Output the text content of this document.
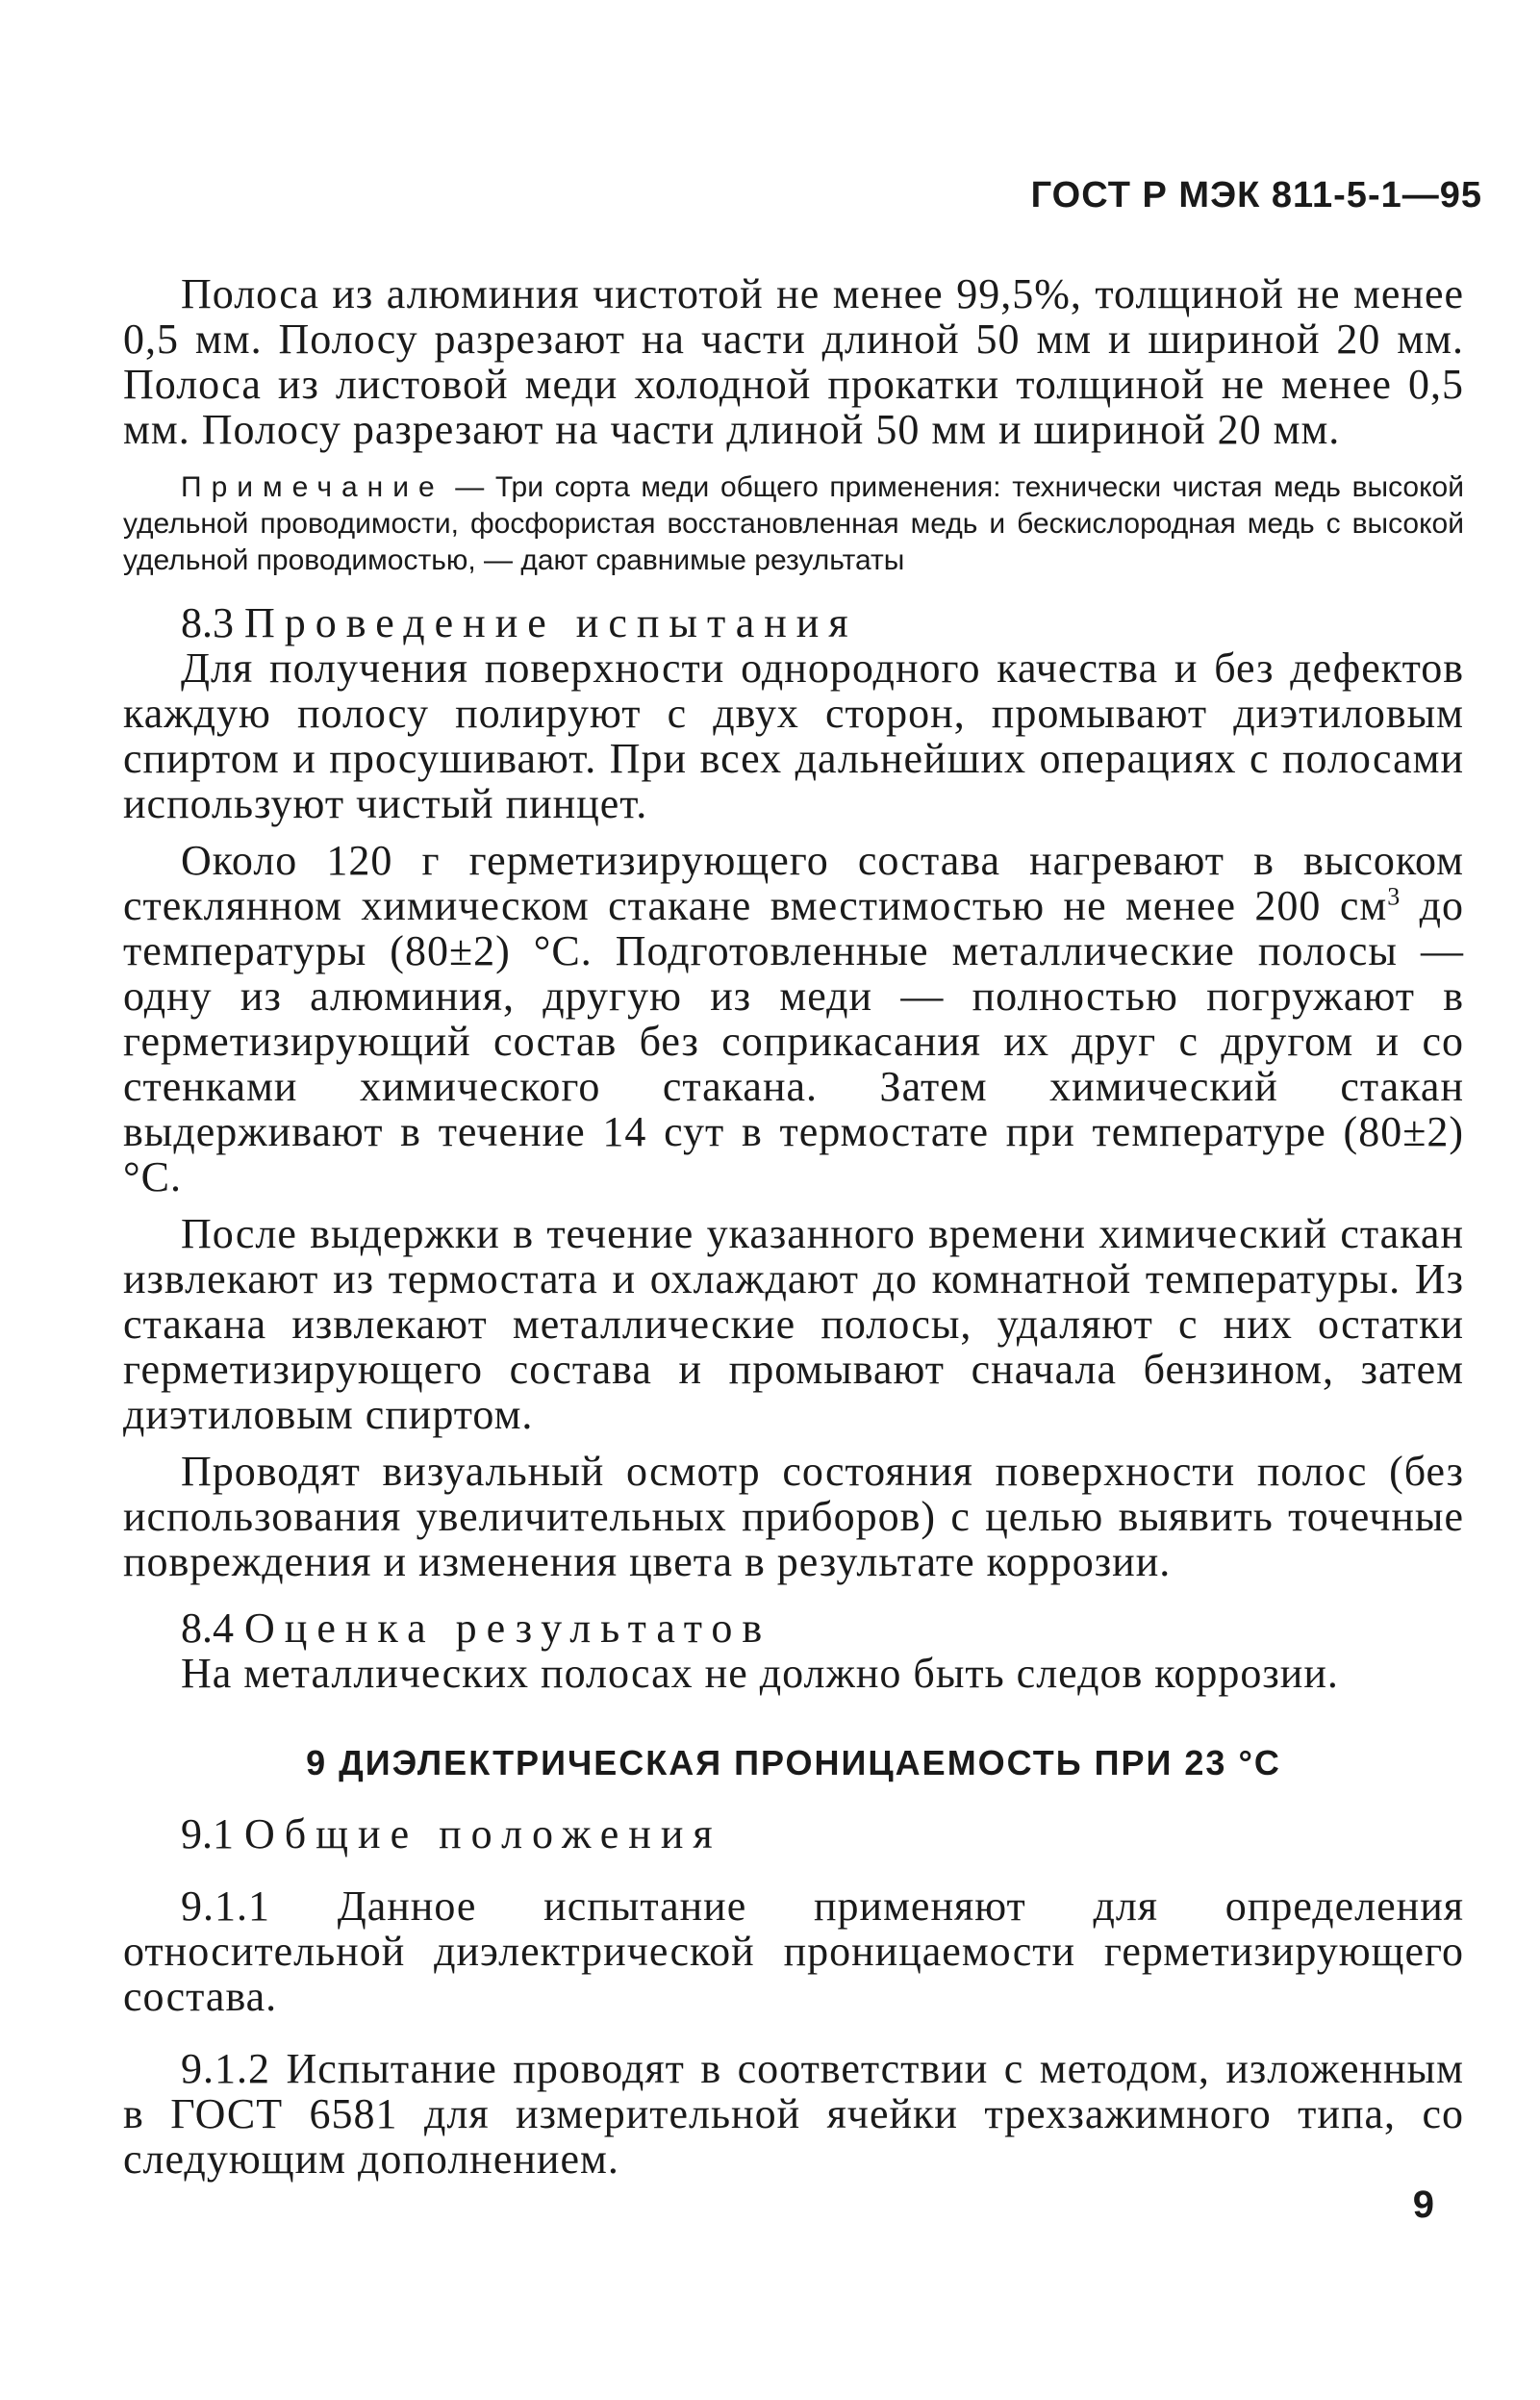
ГОСТ Р МЭК 811-5-1—95

Полоса из алюминия чистотой не менее 99,5%, толщиной не менее 0,5 мм. Полосу разрезают на части длиной 50 мм и шириной 20 мм. Полоса из листовой меди холодной прокатки толщиной не менее 0,5 мм. Полосу разрезают на части длиной 50 мм и шириной 20 мм.

Примечание — Три сорта меди общего применения: технически чистая медь высокой удельной проводимости, фосфористая восстановленная медь и бескислородная медь с высокой удельной проводимостью, — дают сравнимые результаты

8.3 Проведение испытания

Для получения поверхности однородного качества и без дефектов каждую полосу полируют с двух сторон, промывают диэтиловым спиртом и просушивают. При всех дальнейших операциях с полосами используют чистый пинцет.

Около 120 г герметизирующего состава нагревают в высоком стеклянном химическом стакане вместимостью не менее 200 $см^3$ до температуры (80±2) °С. Подготовленные металлические полосы — одну из алюминия, другую из меди — полностью погружают в герметизирующий состав без соприкасания их друг с другом и со стенками химического стакана. Затем химический стакан выдерживают в течение 14 сут в термостате при температуре (80±2) °С.

После выдержки в течение указанного времени химический стакан извлекают из термостата и охлаждают до комнатной температуры. Из стакана извлекают металлические полосы, удаляют с них остатки герметизирующего состава и промывают сначала бензином, затем диэтиловым спиртом.

Проводят визуальный осмотр состояния поверхности полос (без использования увеличительных приборов) с целью выявить точечные повреждения и изменения цвета в результате коррозии.

8.4 Оценка результатов

На металлических полосах не должно быть следов коррозии.

9 ДИЭЛЕКТРИЧЕСКАЯ ПРОНИЦАЕМОСТЬ ПРИ 23 °С

9.1 Общие положения

9.1.1 Данное испытание применяют для определения относительной диэлектрической проницаемости герметизирующего состава.

9.1.2 Испытание проводят в соответствии с методом, изложенным в ГОСТ 6581 для измерительной ячейки трехзажимного типа, со следующим дополнением.

9
